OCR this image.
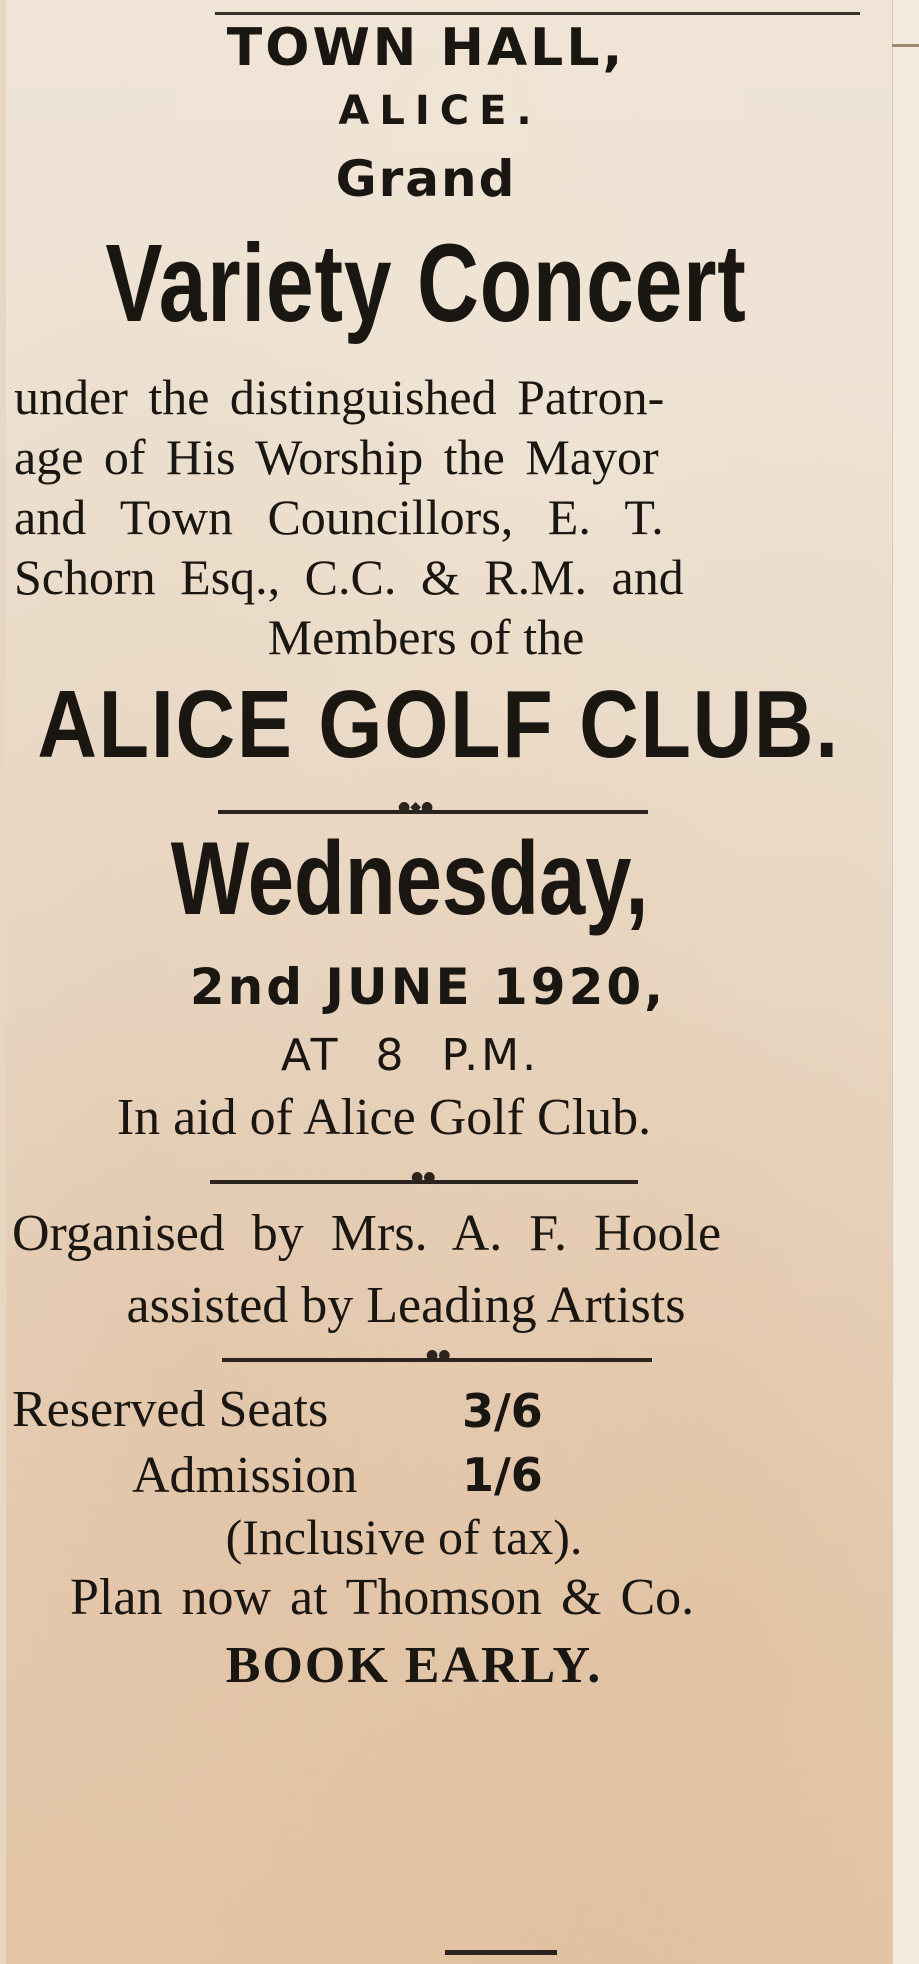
TOWN HALL,
ALICE.
Grand
Variety Concert
under the distinguished Patron-
age of His Worship the Mayor
and Town Councillors, E. T.
Schorn Esq., C.C. & R.M. and
Members of the
ALICE GOLF CLUB.
●◆●
Wednesday,
2nd JUNE 1920,
AT 8 P.M.
In aid of Alice Golf Club.
●●
Organised by Mrs. A. F. Hoole
assisted by Leading Artists
●●
Reserved Seats	3/6
Admission 1/6
(Inclusive of tax).
Plan now at Thomson & Co.
BOOK EARLY.
